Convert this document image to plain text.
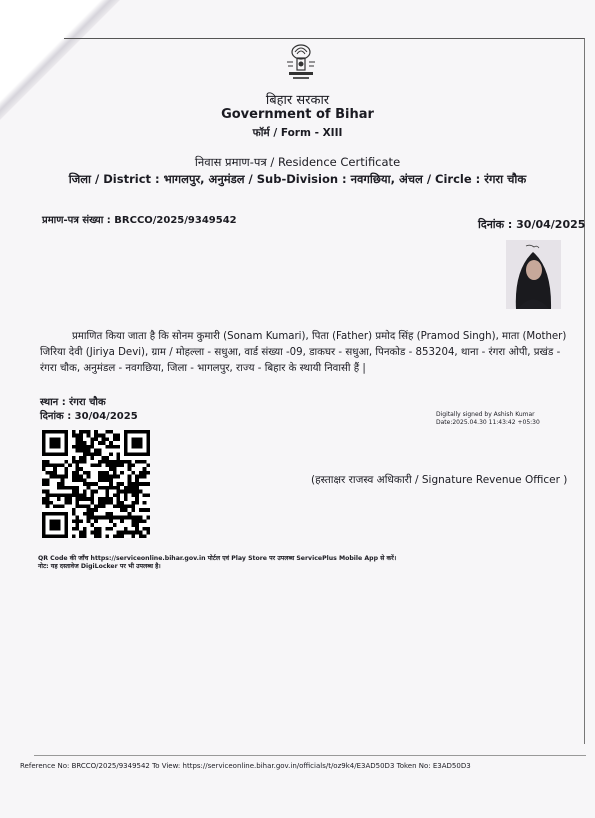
बिहार सरकार
Government of Bihar
फॉर्म / Form - XIII
निवास प्रमाण-पत्र / Residence Certificate
जिला / District : भागलपुर, अनुमंडल / Sub-Division : नवगछिया, अंचल / Circle : रंगरा चौक
प्रमाण-पत्र संख्या : BRCCO/2025/9349542	दिनांक : 30/04/2025
प्रमाणित किया जाता है कि सोनम कुमारी (Sonam Kumari), पिता (Father) प्रमोद सिंह (Pramod Singh), माता (Mother)
जिरिया देवी (Jiriya Devi), ग्राम / मोहल्ला - सधुआ, वार्ड संख्या -09, डाकघर - सधुआ, पिनकोड - 853204, थाना - रंगरा ओपी, प्रखंड -
रंगरा चौक, अनुमंडल - नवगछिया, जिला - भागलपुर, राज्य - बिहार के स्थायी निवासी हैं |
स्थान : रंगरा चौक
दिनांक : 30/04/2025	Digitally signed by Ashish Kumar
Date:2025.04.30 11:43:42 +05:30
(हस्ताक्षर राजस्व अधिकारी / Signature Revenue Officer )
QR Code की जाँच https://serviceonline.bihar.gov.in पोर्टल एवं Play Store पर उपलब्ध ServicePlus Mobile App से करें।
नोट: यह दस्तावेज DigiLocker पर भी उपलब्ध है।
Reference No: BRCCO/2025/9349542 To View: https://serviceonline.bihar.gov.in/officials/t/oz9k4/E3AD50D3 Token No: E3AD50D3
